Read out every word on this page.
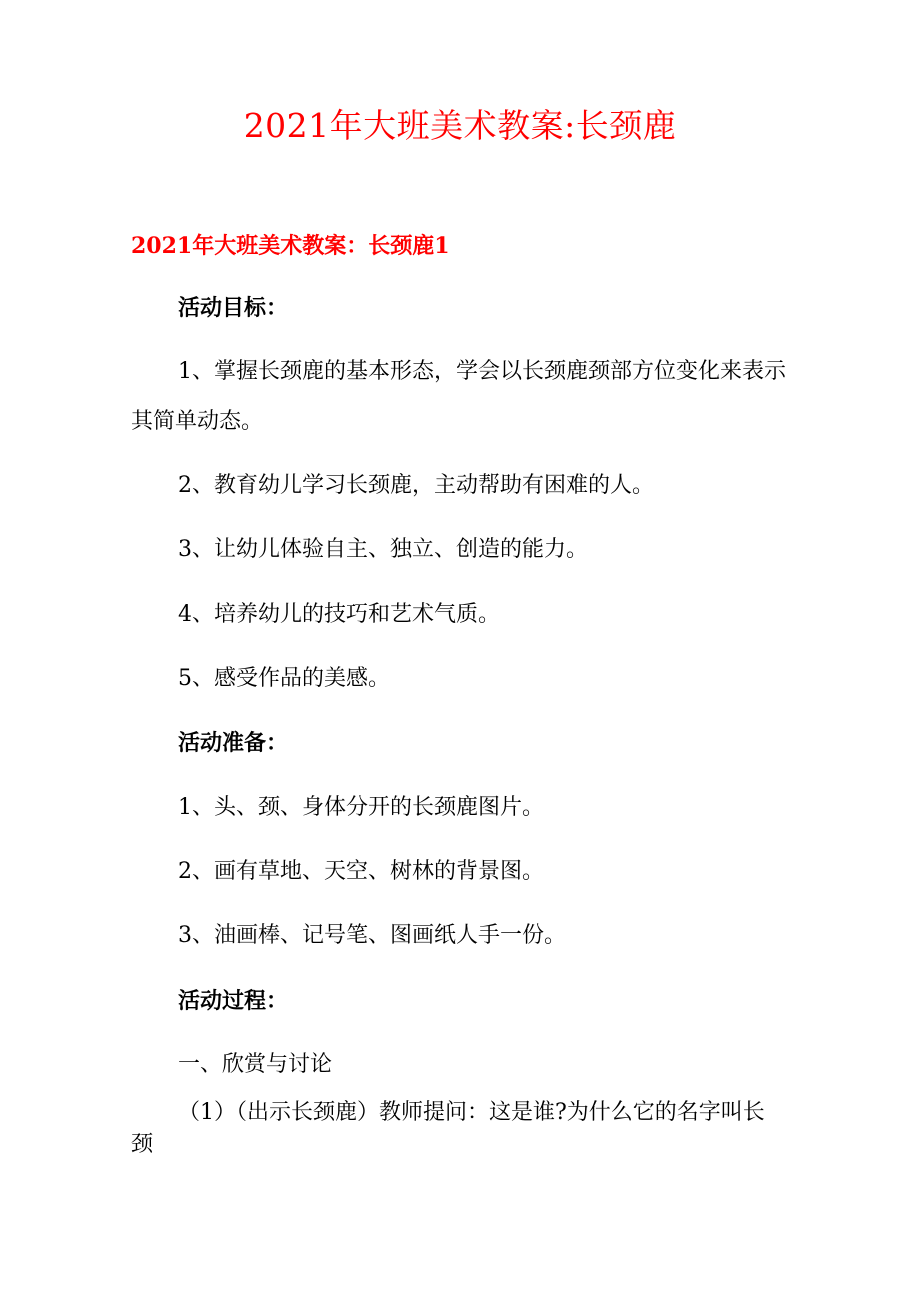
2021年大班美术教案:长颈鹿
2021年大班美术教案：长颈鹿1
活动目标：
1、掌握长颈鹿的基本形态，学会以长颈鹿颈部方位变化来表示
其简单动态。
2、教育幼儿学习长颈鹿，主动帮助有困难的人。
3、让幼儿体验自主、独立、创造的能力。
4、培养幼儿的技巧和艺术气质。
5、感受作品的美感。
活动准备：
1、头、颈、身体分开的长颈鹿图片。
2、画有草地、天空、树林的背景图。
3、油画棒、记号笔、图画纸人手一份。
活动过程：
一、欣赏与讨论
（1）（出示长颈鹿）教师提问：这是谁?为什么它的名字叫长
颈
